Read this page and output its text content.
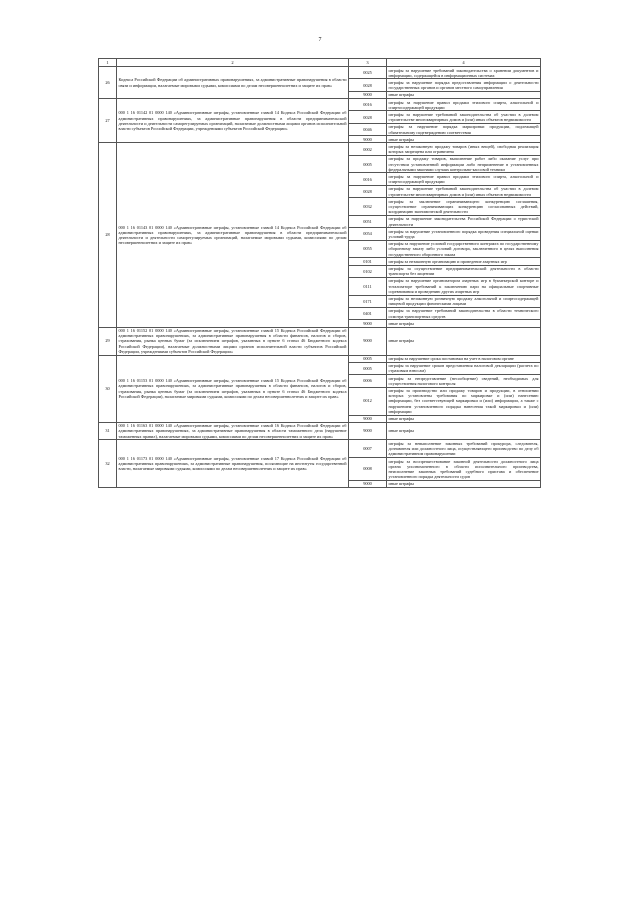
7
1	2	3	4
26	Кодекса Российской Федерации об административных правонарушениях, за административные правонарушения в области связи и информации, налагаемые мировыми судьями, комиссиями по делам несовершеннолетних и защите их прав»	0025	штрафы за нарушение требований законодательства о хранении документов и информации, содержащейся в информационных системах
		0028	штрафы за нарушение порядка предоставления информации о деятельности государственных органов и органов местного самоуправления
		9000	иные штрафы
27	000 1 16 01142 01 0000 140 «Административные штрафы, установленные главой 14 Кодекса Российской Федерации об административных правонарушениях, за административные правонарушения в области предпринимательской деятельности и деятельности саморегулируемых организаций, налагаемые должностными лицами органов исполнительной власти субъектов Российской Федерации, учреждениями субъектов Российской Федерации»	0016	штрафы за нарушение правил продажи этилового спирта, алкогольной и спиртосодержащей продукции
		0028	штрафы за нарушение требований законодательства об участии в долевом строительстве многоквартирных домов и (или) иных объектов недвижимости
		0046	штрафы за нарушение порядка маркировки продукции, подлежащей обязательному подтверждению соответствия
		9000	иные штрафы
28	000 1 16 01143 01 0000 140 «Административные штрафы, установленные главой 14 Кодекса Российской Федерации об административных правонарушениях, за административные правонарушения в области предпринимательской деятельности и деятельности саморегулируемых организаций, налагаемые мировыми судьями, комиссиями по делам несовершеннолетних и защите их прав»	0002	штрафы за незаконную продажу товаров (иных вещей), свободная реализация которых запрещена или ограничена
		0005	штрафы за продажу товаров, выполнение работ либо оказание услуг при отсутствии установленной информации либо неприменение в установленных федеральными законами случаях контрольно-кассовой техники
		0016	штрафы за нарушение правил продажи этилового спирта, алкогольной и спиртосодержащей продукции
		0028	штрафы за нарушение требований законодательства об участии в долевом строительстве многоквартирных домов и (или) иных объектов недвижимости
		0032	штрафы за заключение ограничивающего конкуренцию соглашения, осуществление ограничивающих конкуренцию согласованных действий, координацию экономической деятельности
		0051	штрафы за нарушение законодательства Российской Федерации о туристской деятельности
		0054	штрафы за нарушение установленного порядка проведения специальной оценки условий труда
		0055	штрафы за нарушение условий государственного контракта по государственному оборонному заказу либо условий договора, заключенного в целях выполнения государственного оборонного заказа
		0101	штрафы за незаконную организацию и проведение азартных игр
		0102	штрафы за осуществление предпринимательской деятельности в области транспорта без лицензии
		0111	штрафы за нарушение организатором азартных игр в букмекерской конторе и тотализаторе требований к заключению пари на официальные спортивные соревнования и проведению других азартных игр
		0171	штрафы за незаконную розничную продажу алкогольной и спиртосодержащей пищевой продукции физическими лицами
		0401	штрафы за нарушение требований законодательства в области технического осмотра транспортных средств
		9000	иные штрафы
29	000 1 16 01152 01 0000 140 «Административные штрафы, установленные главой 15 Кодекса Российской Федерации об административных правонарушениях, за административные правонарушения в области финансов, налогов и сборов, страхования, рынка ценных бумаг (за исключением штрафов, указанных в пункте 6 статьи 46 Бюджетного кодекса Российской Федерации), налагаемые должностными лицами органов исполнительной власти субъектов Российской Федерации, учреждениями субъектов Российской Федерации»	9000	иные штрафы
30	000 1 16 01153 01 0000 140 «Административные штрафы, установленные главой 15 Кодекса Российской Федерации об административных правонарушениях, за административные правонарушения в области финансов, налогов и сборов, страхования, рынка ценных бумаг (за исключением штрафов, указанных в пункте 6 статьи 46 Бюджетного кодекса Российской Федерации), налагаемые мировыми судьями, комиссиями по делам несовершеннолетних и защите их прав»	0005	штрафы за нарушение срока постановки на учет в налоговом органе
		0005	штрафы за нарушение сроков представления налоговой декларации (расчета по страховым взносам)
		0006	штрафы за непредставление (несообщение) сведений, необходимых для осуществления налогового контроля
		0012	штрафы за производство или продажу товаров и продукции, в отношении которых установлены требования по маркировке и (или) нанесению информации, без соответствующей маркировки и (или) информации, а также с нарушением установленного порядка нанесения такой маркировки и (или) информации
		9000	иные штрафы
31	000 1 16 01163 01 0000 140 «Административные штрафы, установленные главой 16 Кодекса Российской Федерации об административных правонарушениях, за административные правонарушения в области таможенного дела (нарушение таможенных правил), налагаемые мировыми судьями, комиссиями по делам несовершеннолетних и защите их прав»	9000	иные штрафы
32	000 1 16 01173 01 0000 140 «Административные штрафы, установленные главой 17 Кодекса Российской Федерации об административных правонарушениях, за административные правонарушения, посягающие на институты государственной власти, налагаемые мировыми судьями, комиссиями по делам несовершеннолетних и защите их прав»	0007	штрафы за невыполнение законных требований прокурора, следователя, дознавателя или должностного лица, осуществляющего производство по делу об административном правонарушении
		0008	штрафы за воспрепятствование законной деятельности должностного лица органа уполномоченного в области исполнительного производства, неисполнение законных требований судебного пристава и обеспечение установленного порядка деятельности судов
		9000	иные штрафы
